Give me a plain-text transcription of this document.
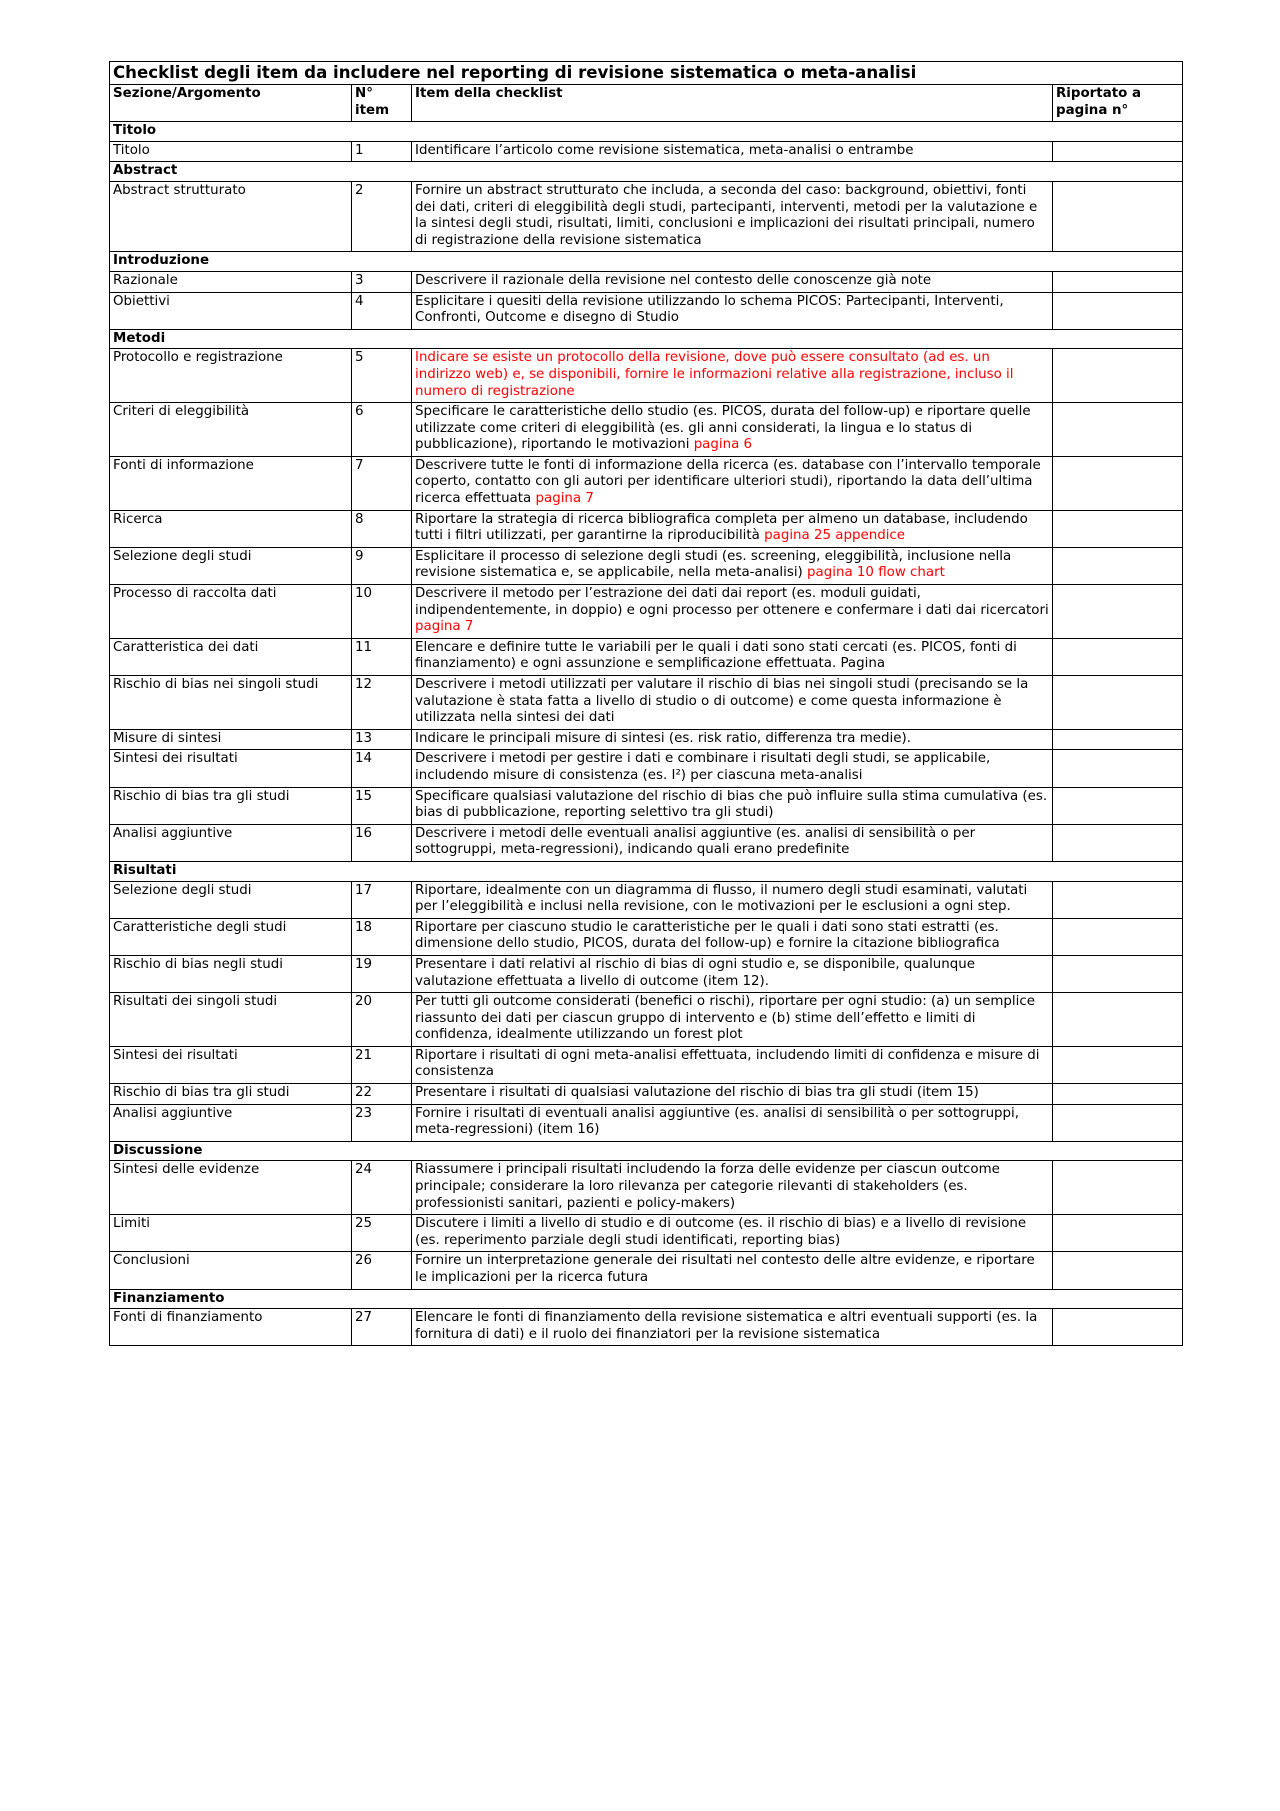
Checklist degli item da includere nel reporting di revisione sistematica o meta-analisi			
Sezione/Argomento	N° item	Item della checklist	Riportato a pagina n°
Titolo			
Titolo	1	Identificare l’articolo come revisione sistematica, meta-analisi o entrambe	
Abstract			
Abstract strutturato	2	Fornire un abstract strutturato che includa, a seconda del caso: background, obiettivi, fonti dei dati, criteri di eleggibilità degli studi, partecipanti, interventi, metodi per la valutazione e la sintesi degli studi, risultati, limiti, conclusioni e implicazioni dei risultati principali, numero di registrazione della revisione sistematica	
Introduzione			
Razionale	3	Descrivere il razionale della revisione nel contesto delle conoscenze già note	
Obiettivi	4	Esplicitare i quesiti della revisione utilizzando lo schema PICOS: Partecipanti, Interventi, Confronti, Outcome e disegno di Studio	
Metodi			
Protocollo e registrazione	5	Indicare se esiste un protocollo della revisione, dove può essere consultato (ad es. un indirizzo web) e, se disponibili, fornire le informazioni relative alla registrazione, incluso il numero di registrazione	
Criteri di eleggibilità	6	Specificare le caratteristiche dello studio (es. PICOS, durata del follow-up) e riportare quelle utilizzate come criteri di eleggibilità (es. gli anni considerati, la lingua e lo status di pubblicazione), riportando le motivazioni pagina 6	
Fonti di informazione	7	Descrivere tutte le fonti di informazione della ricerca (es. database con l’intervallo temporale coperto, contatto con gli autori per identificare ulteriori studi), riportando la data dell’ultima ricerca effettuata pagina 7	
Ricerca	8	Riportare la strategia di ricerca bibliografica completa per almeno un database, includendo tutti i filtri utilizzati, per garantirne la riproducibilità pagina 25 appendice	
Selezione degli studi	9	Esplicitare il processo di selezione degli studi (es. screening, eleggibilità, inclusione nella revisione sistematica e, se applicabile, nella meta-analisi) pagina 10 flow chart	
Processo di raccolta dati	10	Descrivere il metodo per l’estrazione dei dati dai report (es. moduli guidati, indipendentemente, in doppio) e ogni processo per ottenere e confermare i dati dai ricercatori pagina 7	
Caratteristica dei dati	11	Elencare e definire tutte le variabili per le quali i dati sono stati cercati (es. PICOS, fonti di finanziamento) e ogni assunzione e semplificazione effettuata. Pagina	
Rischio di bias nei singoli studi	12	Descrivere i metodi utilizzati per valutare il rischio di bias nei singoli studi (precisando se la valutazione è stata fatta a livello di studio o di outcome) e come questa informazione è utilizzata nella sintesi dei dati	
Misure di sintesi	13	Indicare le principali misure di sintesi (es. risk ratio, differenza tra medie).	
Sintesi dei risultati	14	Descrivere i metodi per gestire i dati e combinare i risultati degli studi, se applicabile, includendo misure di consistenza (es. I²) per ciascuna meta-analisi	
Rischio di bias tra gli studi	15	Specificare qualsiasi valutazione del rischio di bias che può influire sulla stima cumulativa (es. bias di pubblicazione, reporting selettivo tra gli studi)	
Analisi aggiuntive	16	Descrivere i metodi delle eventuali analisi aggiuntive (es. analisi di sensibilità o per sottogruppi, meta-regressioni), indicando quali erano predefinite	
Risultati			
Selezione degli studi	17	Riportare, idealmente con un diagramma di flusso, il numero degli studi esaminati, valutati per l’eleggibilità e inclusi nella revisione, con le motivazioni per le esclusioni a ogni step.	
Caratteristiche degli studi	18	Riportare per ciascuno studio le caratteristiche per le quali i dati sono stati estratti (es. dimensione dello studio, PICOS, durata del follow-up) e fornire la citazione bibliografica	
Rischio di bias negli studi	19	Presentare i dati relativi al rischio di bias di ogni studio e, se disponibile, qualunque valutazione effettuata a livello di outcome (item 12).	
Risultati dei singoli studi	20	Per tutti gli outcome considerati (benefici o rischi), riportare per ogni studio: (a) un semplice riassunto dei dati per ciascun gruppo di intervento e (b) stime dell’effetto e limiti di confidenza, idealmente utilizzando un forest plot	
Sintesi dei risultati	21	Riportare i risultati di ogni meta-analisi effettuata, includendo limiti di confidenza e misure di consistenza	
Rischio di bias tra gli studi	22	Presentare i risultati di qualsiasi valutazione del rischio di bias tra gli studi (item 15)	
Analisi aggiuntive	23	Fornire i risultati di eventuali analisi aggiuntive (es. analisi di sensibilità o per sottogruppi, meta-regressioni) (item 16)	
Discussione			
Sintesi delle evidenze	24	Riassumere i principali risultati includendo la forza delle evidenze per ciascun outcome principale; considerare la loro rilevanza per categorie rilevanti di stakeholders (es. professionisti sanitari, pazienti e policy-makers)	
Limiti	25	Discutere i limiti a livello di studio e di outcome (es. il rischio di bias) e a livello di revisione (es. reperimento parziale degli studi identificati, reporting bias)	
Conclusioni	26	Fornire un interpretazione generale dei risultati nel contesto delle altre evidenze, e riportare le implicazioni per la ricerca futura	
Finanziamento			
Fonti di finanziamento	27	Elencare le fonti di finanziamento della revisione sistematica e altri eventuali supporti (es. la fornitura di dati) e il ruolo dei finanziatori per la revisione sistematica	
